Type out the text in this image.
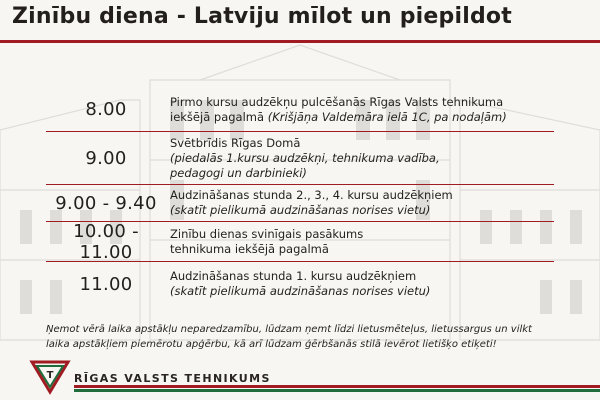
Zinību diena - Latviju mīlot un piepildot
8.00	Pirmo kursu audzēkņu pulcēšanās Rīgas Valsts tehnikuma
iekšējā pagalmā (Krišjāņa Valdemāra ielā 1C, pa nodaļām)
9.00
Svētbrīdis Rīgas Domā
(piedalās 1.kursu audzēkņi, tehnikuma vadība,
pedagogi un darbinieki)
9.00 - 9.40	Audzināšanas stunda 2., 3., 4. kursu audzēkņiem
(skatīt pielikumā audzināšanas norises vietu)
10.00 - 11.00
Zinību dienas svinīgais pasākums
tehnikuma iekšējā pagalmā
11.00	Audzināšanas stunda 1. kursu audzēkņiem
(skatīt pielikumā audzināšanas norises vietu)
Ņemot vērā laika apstākļu neparedzamību, lūdzam ņemt līdzi lietusmēteļus, lietussargus un vilkt
laika apstākļiem piemērotu apģērbu, kā arī lūdzam ģērbšanās stilā ievērot lietišķo etiķeti!
T RĪGAS VALSTS TEHNIKUMS
